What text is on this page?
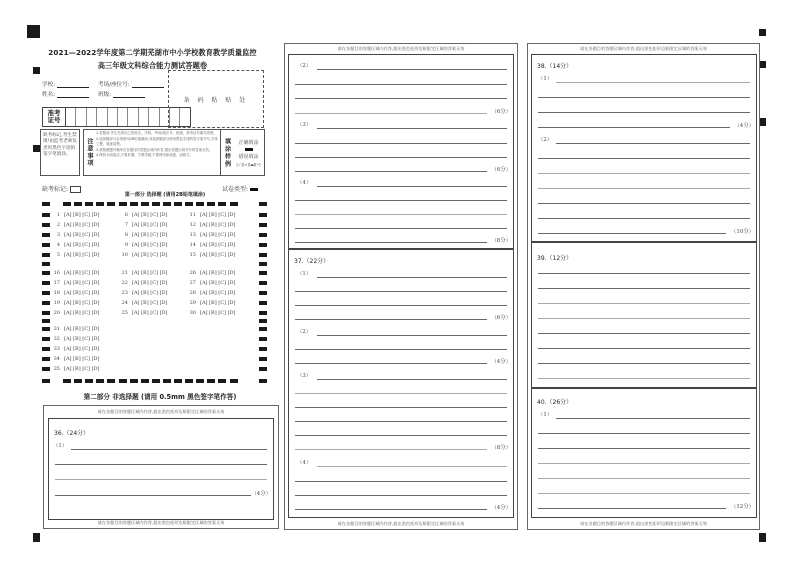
2021—2022学年度第二学期芜湖市中小学校教育教学质量监控
高三年级文科综合能力测试答题卷
学校:	考场/座位号:
姓名:	班级:
准考
证号
条 码 粘 贴 处
缺考标记,考生禁填!由监考老师负责用黑色字迹的签字笔填涂。	注意事项
1.答题前,考生先将自己的姓名、学校、考场/座位号、班级、准考证号填写清楚。
2.选择题部分必须使用2B铅笔填涂;非选择题部分使用黑色字迹的签字笔书写,字体工整、笔迹清楚。
3.请按照题号顺序在各题目的答题区域内作答,超出答题区域书写的答案无效。
4.保持卡面清洁,不要折叠、不要弄破,不准使用涂改液、刮纸刀。	填涂样例 正确填涂
错误填涂
[✓][×][▬][•]
缺考标记:	试卷类型:
第一部分 选择题 (请用2B铅笔填涂)
1 [A] [B] [C] [D]
2 [A] [B] [C] [D]
3 [A] [B] [C] [D]
4 [A] [B] [C] [D]
5 [A] [B] [C] [D]
6 [A] [B] [C] [D]
7 [A] [B] [C] [D]
8 [A] [B] [C] [D]
9 [A] [B] [C] [D]
10 [A] [B] [C] [D]
11 [A] [B] [C] [D]
12 [A] [B] [C] [D]
13 [A] [B] [C] [D]
14 [A] [B] [C] [D]
15 [A] [B] [C] [D]
16 [A] [B] [C] [D]
17 [A] [B] [C] [D]
18 [A] [B] [C] [D]
19 [A] [B] [C] [D]
20 [A] [B] [C] [D]
21 [A] [B] [C] [D]
22 [A] [B] [C] [D]
23 [A] [B] [C] [D]
24 [A] [B] [C] [D]
25 [A] [B] [C] [D]
26 [A] [B] [C] [D]
27 [A] [B] [C] [D]
28 [A] [B] [C] [D]
29 [A] [B] [C] [D]
30 [A] [B] [C] [D]
31 [A] [B] [C] [D]
32 [A] [B] [C] [D]
33 [A] [B] [C] [D]
34 [A] [B] [C] [D]
35 [A] [B] [C] [D]
第二部分 非选择题 (请用 0.5mm 黑色签字笔作答)
请在各题目的答题区域内作答,超出黑色矩形边框限定区域的答案无效
36.（24分）
（1）
（4分）
请在各题目的答题区域内作答,超出黑色矩形边框限定区域的答案无效
请在各题目的答题区域内作答,超出黑色矩形边框限定区域的答案无效
（2）
（6分）
（3）
（6分）
（4）
（8分）
37.（22分）
（1）
（6分）
（2）
（4分）
（3）
（8分）
（4）
（4分）
请在各题目的答题区域内作答,超出黑色矩形边框限定区域的答案无效
请在各题目的答题区域内作答,超出黑色矩形边框限定区域的答案无效
38.（14分）
（1）
（4分）
（2）
（10分）
39.（12分）
40.（26分）
（1）
（12分）
请在各题目的答题区域内作答,超出黑色矩形边框限定区域的答案无效
